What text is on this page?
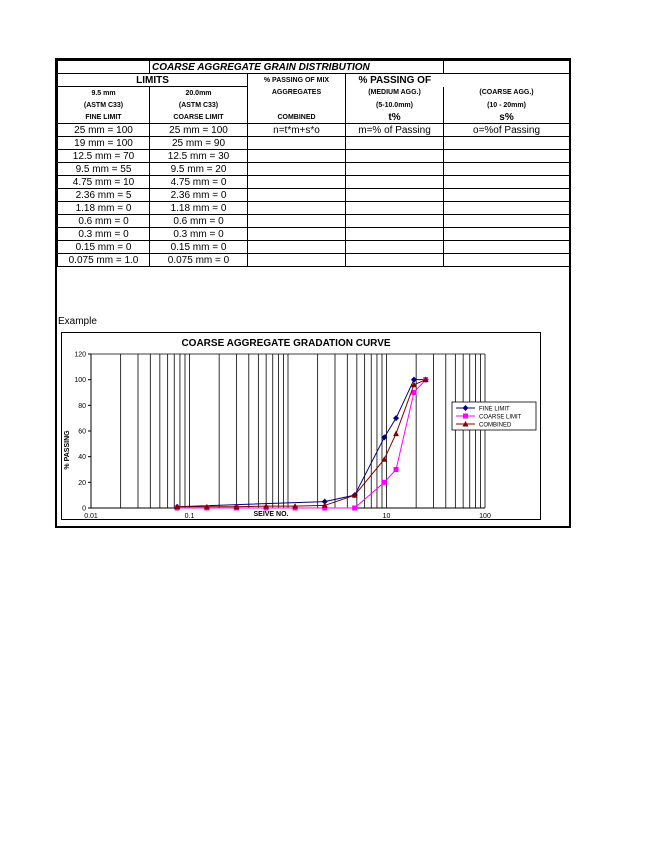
	COARSE AGGREGATE GRAIN DISTRIBUTION			
LIMITS		% PASSING OF MIX	% PASSING OF	
9.5 mm	20.0mm	AGGREGATES	(MEDIUM AGG.)	(COARSE AGG.)
(ASTM C33)	(ASTM C33)		(5-10.0mm)	(10 - 20mm)
FINE LIMIT	COARSE LIMIT	COMBINED	t%	s%
25 mm = 100	25 mm = 100	n=t*m+s*o	m=% of Passing	o=%of Passing
19 mm = 100	25 mm = 90			
12.5 mm = 70	12.5 mm = 30			
9.5 mm = 55	9.5 mm = 20			
4.75 mm = 10	4.75 mm = 0			
2.36 mm = 5	2.36 mm = 0			
1.18 mm = 0	1.18 mm = 0			
0.6 mm = 0	0.6 mm = 0			
0.3 mm = 0	0.3 mm = 0			
0.15 mm = 0	0.15 mm = 0			
0.075 mm = 1.0	0.075 mm = 0			
Example
COARSE AGGREGATE GRADATION CURVE
0
20
40
60
80
100
120
0.01	0.1	10	100
SEIVE NO.
% PASSING
FINE LIMIT
COARSE LIMIT
COMBINED
